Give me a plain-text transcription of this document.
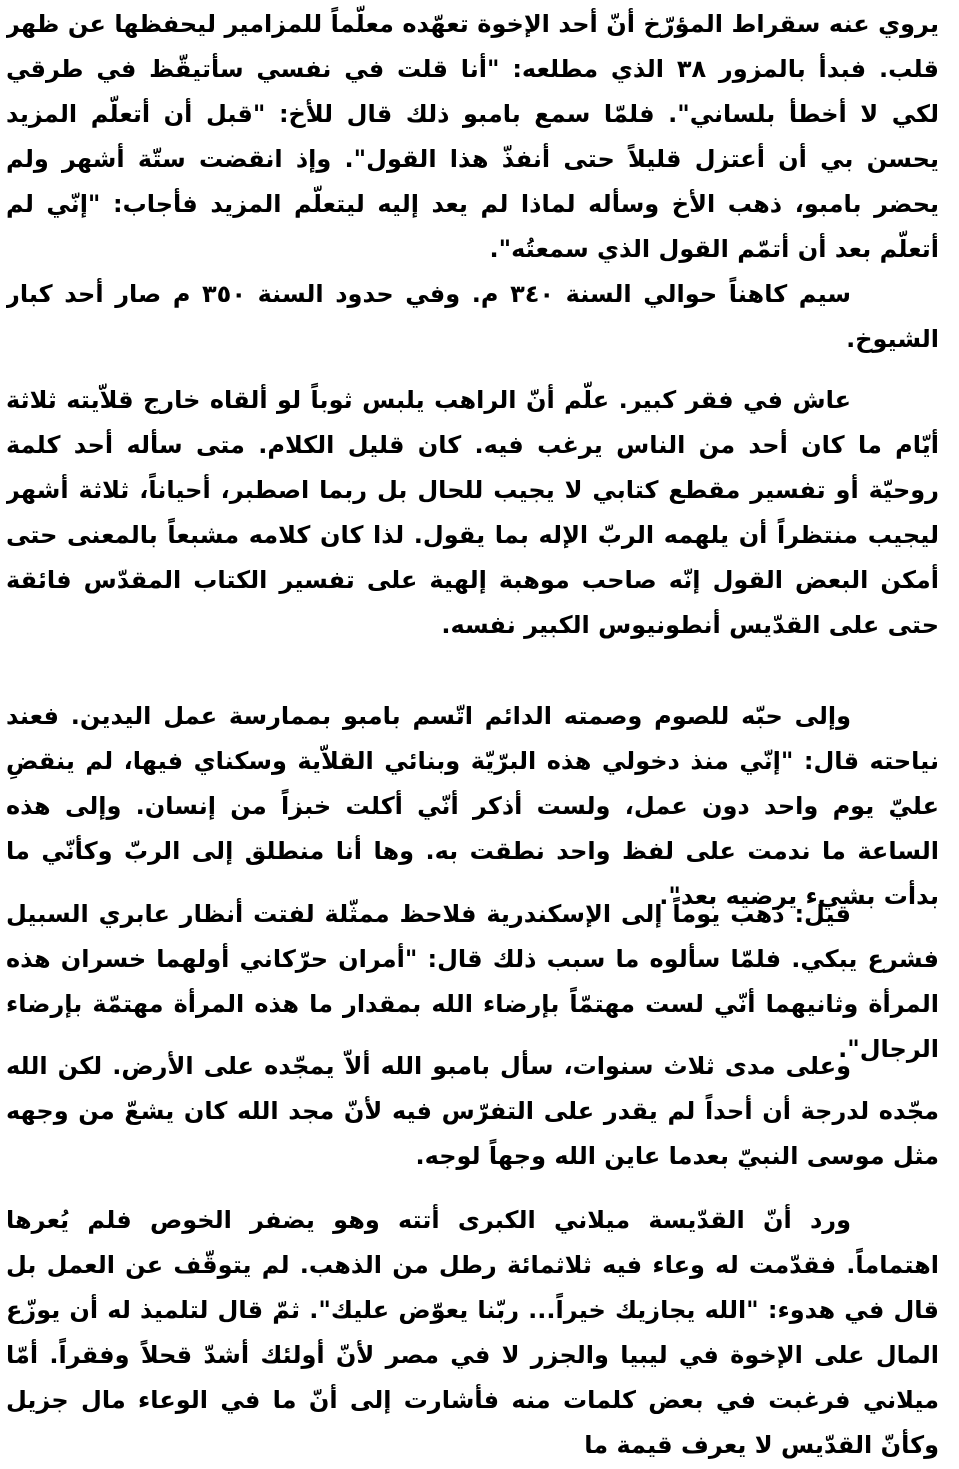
يروي عنه سقراط المؤرّخ أنّ أحد الإخوة تعهّده معلّماً للمزامير ليحفظها عن ظهر قلب. فبدأ بالمزور ٣٨ الذي مطلعه: "أنا قلت في نفسي سأتيقّظ في طرقي لكي لا أخطأ بلساني". فلمّا سمع بامبو ذلك قال للأخ: "قبل أن أتعلّم المزيد يحسن بي أن أعتزل قليلاً حتى أنفذّ هذا القول". وإذ انقضت ستّة أشهر ولم يحضر بامبو، ذهب الأخ وسأله لماذا لم يعد إليه ليتعلّم المزيد فأجاب: "إنّي لم أتعلّم بعد أن أتمّم القول الذي سمعتُه".

سيم كاهناً حوالي السنة ٣٤٠ م. وفي حدود السنة ٣٥٠ م صار أحد كبار الشيوخ.

عاش في فقر كبير. علّم أنّ الراهب يلبس ثوباً لو ألقاه خارج قلاّيته ثلاثة أيّام ما كان أحد من الناس يرغب فيه. كان قليل الكلام. متى سأله أحد كلمة روحيّة أو تفسير مقطع كتابي لا يجيب للحال بل ربما اصطبر، أحياناً، ثلاثة أشهر ليجيب منتظراً أن يلهمه الربّ الإله بما يقول. لذا كان كلامه مشبعاً بالمعنى حتى أمكن البعض القول إنّه صاحب موهبة إلهية على تفسير الكتاب المقدّس فائقة حتى على القدّيس أنطونيوس الكبير نفسه.

وإلى حبّه للصوم وصمته الدائم اتّسم بامبو بممارسة عمل اليدين. فعند نياحته قال: "إنّي منذ دخولي هذه البرّيّة وبنائي القلاّية وسكناي فيها، لم ينقضِ عليّ يوم واحد دون عمل، ولست أذكر أنّي أكلت خبزاً من إنسان. وإلى هذه الساعة ما ندمت على لفظ واحد نطقت به. وها أنا منطلق إلى الربّ وكأنّي ما بدأت بشيء يرضيه بعد".

قيل: ذهب يوماً إلى الإسكندرية فلاحظ ممثّلة لفتت أنظار عابري السبيل فشرع يبكي. فلمّا سألوه ما سبب ذلك قال: "أمران حرّكاني أولهما خسران هذه المرأة وثانيهما أنّي لست مهتمّاً بإرضاء الله بمقدار ما هذه المرأة مهتمّة بإرضاء الرجال".

وعلى مدى ثلاث سنوات، سأل بامبو الله ألاّ يمجّده على الأرض. لكن الله مجّده لدرجة أن أحداً لم يقدر على التفرّس فيه لأنّ مجد الله كان يشعّ من وجهه مثل موسى النبيّ بعدما عاين الله وجهاً لوجه.

ورد أنّ القدّيسة ميلاني الكبرى أتته وهو يضفر الخوص فلم يُعرها اهتماماً. فقدّمت له وعاء فيه ثلاثمائة رطل من الذهب. لم يتوقّف عن العمل بل قال في هدوء: "الله يجازيك خيراً... ربّنا يعوّض عليك". ثمّ قال لتلميذ له أن يوزّع المال على الإخوة في ليبيا والجزر لا في مصر لأنّ أولئك أشدّ قحلاً وفقراً. أمّا ميلاني فرغبت في بعض كلمات منه فأشارت إلى أنّ ما في الوعاء مال جزيل وكأنّ القدّيس لا يعرف قيمة ما
